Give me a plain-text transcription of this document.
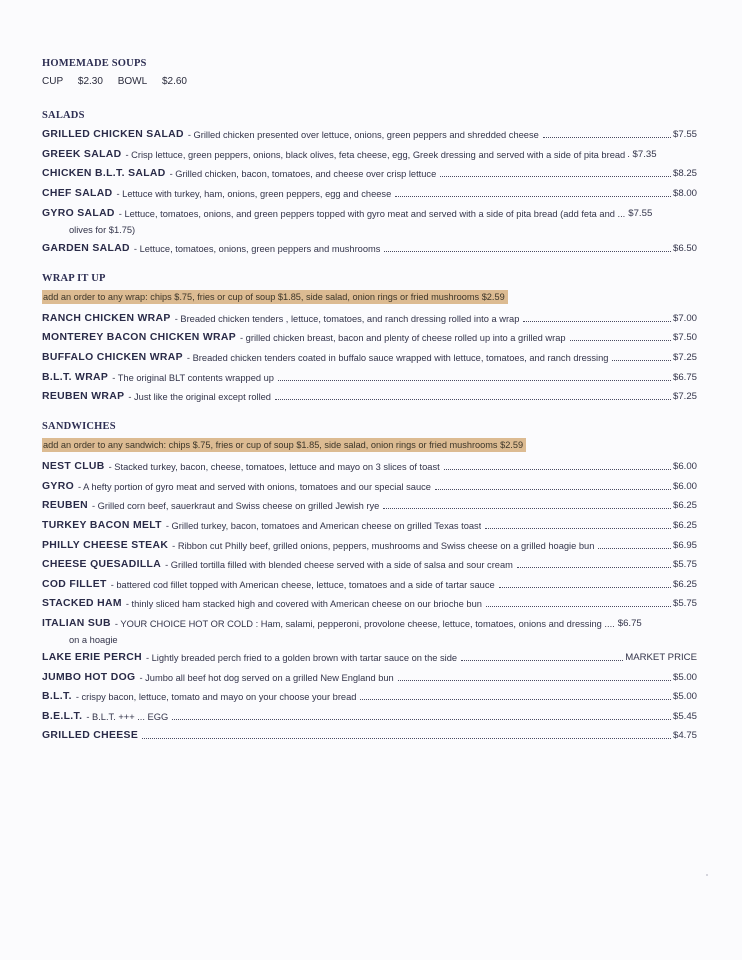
HOMEMADE SOUPS
CUP $2.30 BOWL $2.60
SALADS
GRILLED CHICKEN SALAD - Grilled chicken presented over lettuce, onions, green peppers and shredded cheese	$7.55
GREEK SALAD - Crisp lettuce, green peppers, onions, black olives, feta cheese, egg, Greek dressing and served with a side of pita bread . $7.35
CHICKEN B.L.T. SALAD - Grilled chicken, bacon, tomatoes, and cheese over crisp lettuce	$8.25
CHEF SALAD - Lettuce with turkey, ham, onions, green peppers, egg and cheese	$8.00
GYRO SALAD - Lettuce, tomatoes, onions, and green peppers topped with gyro meat and served with a side of pita bread (add feta and ... $7.55
olives for $1.75)
GARDEN SALAD - Lettuce, tomatoes, onions, green peppers and mushrooms	$6.50
WRAP IT UP
add an order to any wrap: chips $.75, fries or cup of soup $1.85, side salad, onion rings or fried mushrooms $2.59
RANCH CHICKEN WRAP - Breaded chicken tenders , lettuce, tomatoes, and ranch dressing rolled into a wrap	$7.00
MONTEREY BACON CHICKEN WRAP - grilled chicken breast, bacon and plenty of cheese rolled up into a grilled wrap	$7.50
BUFFALO CHICKEN WRAP - Breaded chicken tenders coated in buffalo sauce wrapped with lettuce, tomatoes, and ranch dressing	$7.25
B.L.T. WRAP - The original BLT contents wrapped up	$6.75
REUBEN WRAP - Just like the original except rolled	$7.25
SANDWICHES
add an order to any sandwich: chips $.75, fries or cup of soup $1.85, side salad, onion rings or fried mushrooms $2.59
NEST CLUB - Stacked turkey, bacon, cheese, tomatoes, lettuce and mayo on 3 slices of toast	$6.00
GYRO - A hefty portion of gyro meat and served with onions, tomatoes and our special sauce	$6.00
REUBEN - Grilled corn beef, sauerkraut and Swiss cheese on grilled Jewish rye	$6.25
TURKEY BACON MELT - Grilled turkey, bacon, tomatoes and American cheese on grilled Texas toast	$6.25
PHILLY CHEESE STEAK - Ribbon cut Philly beef, grilled onions, peppers, mushrooms and Swiss cheese on a grilled hoagie bun	$6.95
CHEESE QUESADILLA - Grilled tortilla filled with blended cheese served with a side of salsa and sour cream	$5.75
COD FILLET - battered cod fillet topped with American cheese, lettuce, tomatoes and a side of tartar sauce	$6.25
STACKED HAM - thinly sliced ham stacked high and covered with American cheese on our brioche bun	$5.75
ITALIAN SUB - YOUR CHOICE HOT OR COLD : Ham, salami, pepperoni, provolone cheese, lettuce, tomatoes, onions and dressing .... $6.75
on a hoagie
LAKE ERIE PERCH - Lightly breaded perch fried to a golden brown with tartar sauce on the side	MARKET PRICE
JUMBO HOT DOG - Jumbo all beef hot dog served on a grilled New England bun	$5.00
B.L.T. - crispy bacon, lettuce, tomato and mayo on your choose your bread	$5.00
B.E.L.T. - B.L.T. +++ ... EGG	$5.45
GRILLED CHEESE	$4.75
